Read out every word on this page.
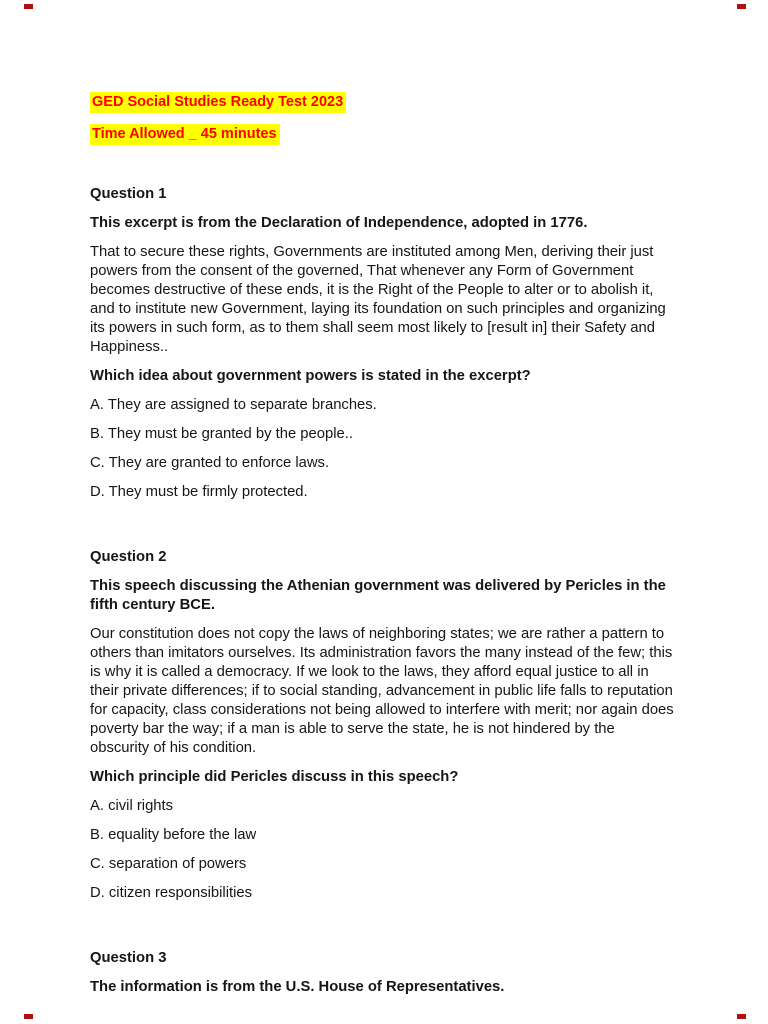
GED Social Studies Ready Test 2023
Time Allowed _ 45 minutes

Question 1

This excerpt is from the Declaration of Independence, adopted in 1776.

That to secure these rights, Governments are instituted among Men, deriving their just powers from the consent of the governed, That whenever any Form of Government becomes destructive of these ends, it is the Right of the People to alter or to abolish it, and to institute new Government, laying its foundation on such principles and organizing its powers in such form, as to them shall seem most likely to [result in] their Safety and Happiness..

Which idea about government powers is stated in the excerpt?

A. They are assigned to separate branches.

B. They must be granted by the people..

C. They are granted to enforce laws.

D. They must be firmly protected.

Question 2

This speech discussing the Athenian government was delivered by Pericles in the fifth century BCE.

Our constitution does not copy the laws of neighboring states; we are rather a pattern to others than imitators ourselves. Its administration favors the many instead of the few; this is why it is called a democracy. If we look to the laws, they afford equal justice to all in their private differences; if to social standing, advancement in public life falls to reputation for capacity, class considerations not being allowed to interfere with merit; nor again does poverty bar the way; if a man is able to serve the state, he is not hindered by the obscurity of his condition.

Which principle did Pericles discuss in this speech?

A. civil rights

B. equality before the law

C. separation of powers

D. citizen responsibilities

Question 3

The information is from the U.S. House of Representatives.
